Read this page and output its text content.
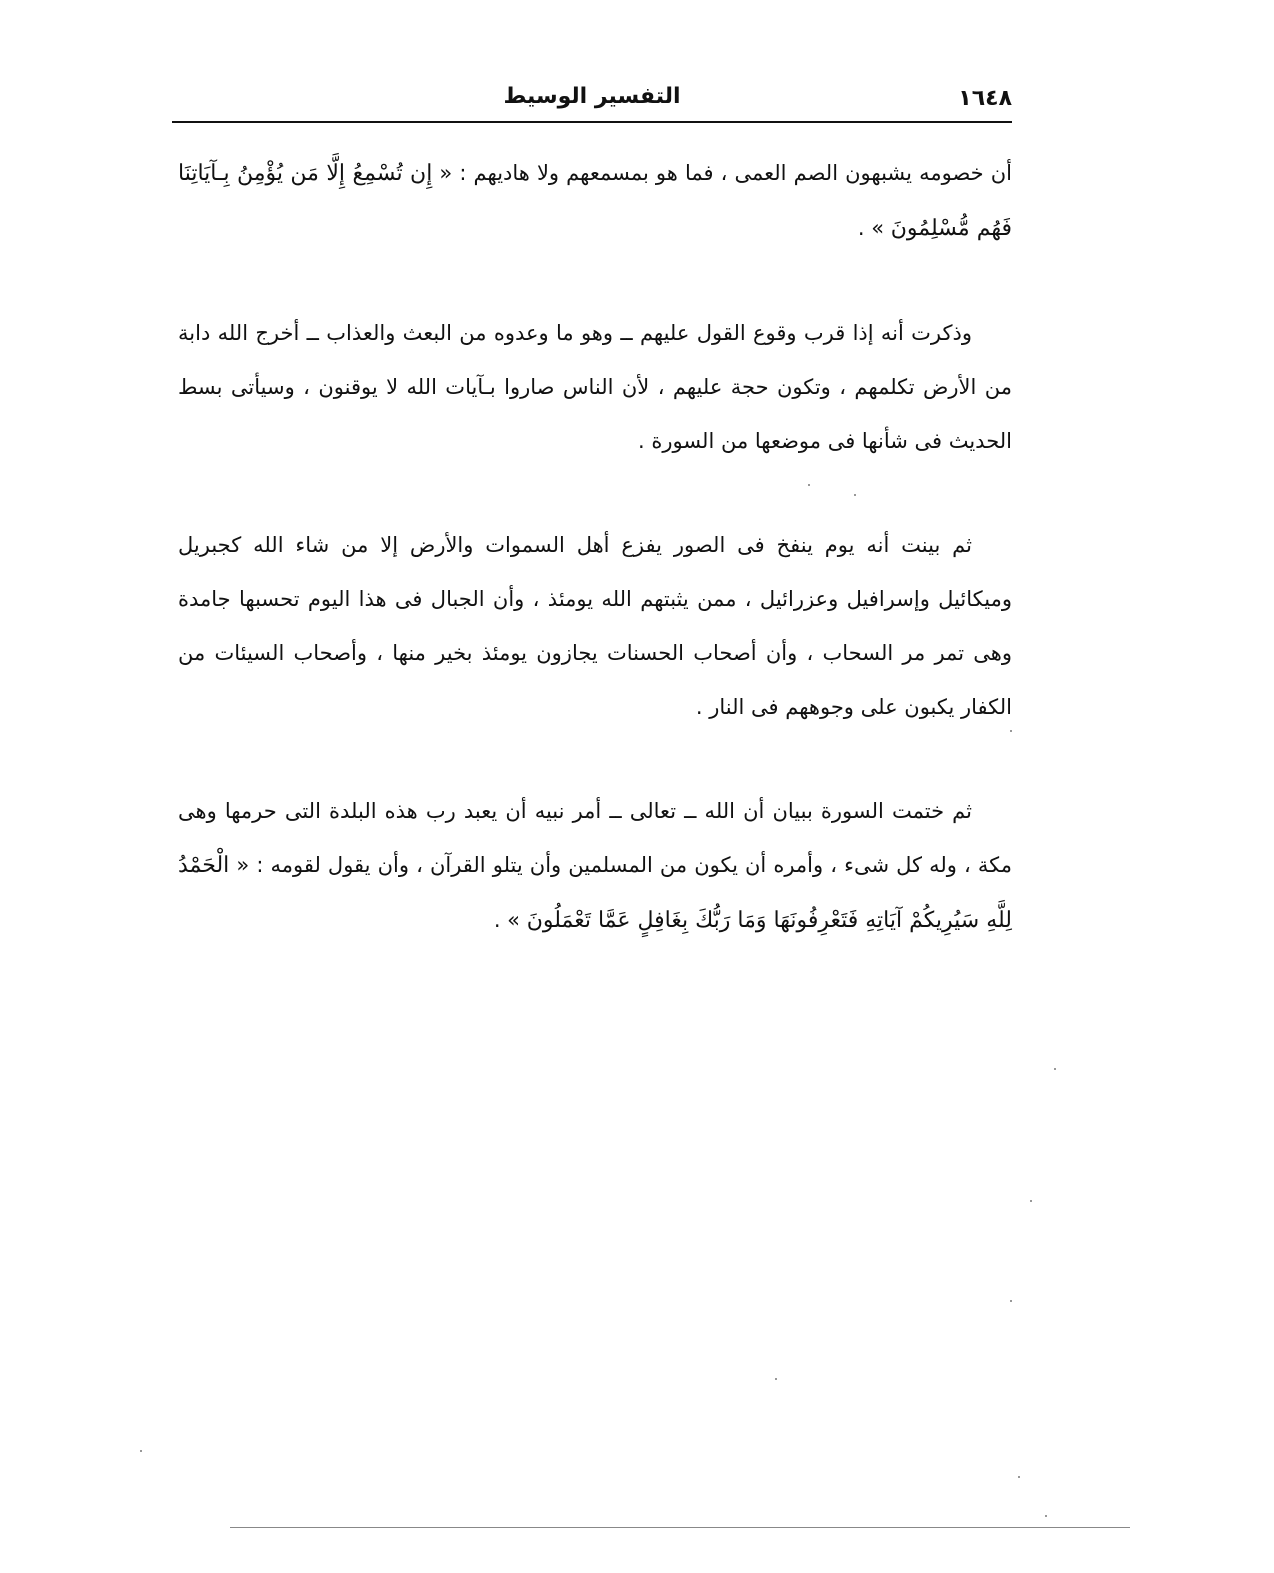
١٦٤٨
التفسير الوسيط

أن خصومه يشبهون الصم العمى ، فما هو بمسمعهم ولا هاديهم : « إِن تُسْمِعُ إِلَّا مَن يُؤْمِنُ بِـآيَاتِنَا فَهُم مُّسْلِمُونَ » .

وذكرت أنه إذا قرب وقوع القول عليهم ــ وهو ما وعدوه من البعث والعذاب ــ أخرج الله دابة من الأرض تكلمهم ، وتكون حجة عليهم ، لأن الناس صاروا بـآيات الله لا يوقنون ، وسيأتى بسط الحديث فى شأنها فى موضعها من السورة .

ثم بينت أنه يوم ينفخ فى الصور يفزع أهل السموات والأرض إلا من شاء الله كجبريل وميكائيل وإسرافيل وعزرائيل ، ممن يثبتهم الله يومئذ ، وأن الجبال فى هذا اليوم تحسبها جامدة وهى تمر مر السحاب ، وأن أصحاب الحسنات يجازون يومئذ بخير منها ، وأصحاب السيئات من الكفار يكبون على وجوههم فى النار .

ثم ختمت السورة ببيان أن الله ــ تعالى ــ أمر نبيه أن يعبد رب هذه البلدة التى حرمها وهى مكة ، وله كل شىء ، وأمره أن يكون من المسلمين وأن يتلو القرآن ، وأن يقول لقومه : « الْحَمْدُ لِلَّهِ سَيُرِيكُمْ آيَاتِهِ فَتَعْرِفُونَهَا وَمَا رَبُّكَ بِغَافِلٍ عَمَّا تَعْمَلُونَ » .
